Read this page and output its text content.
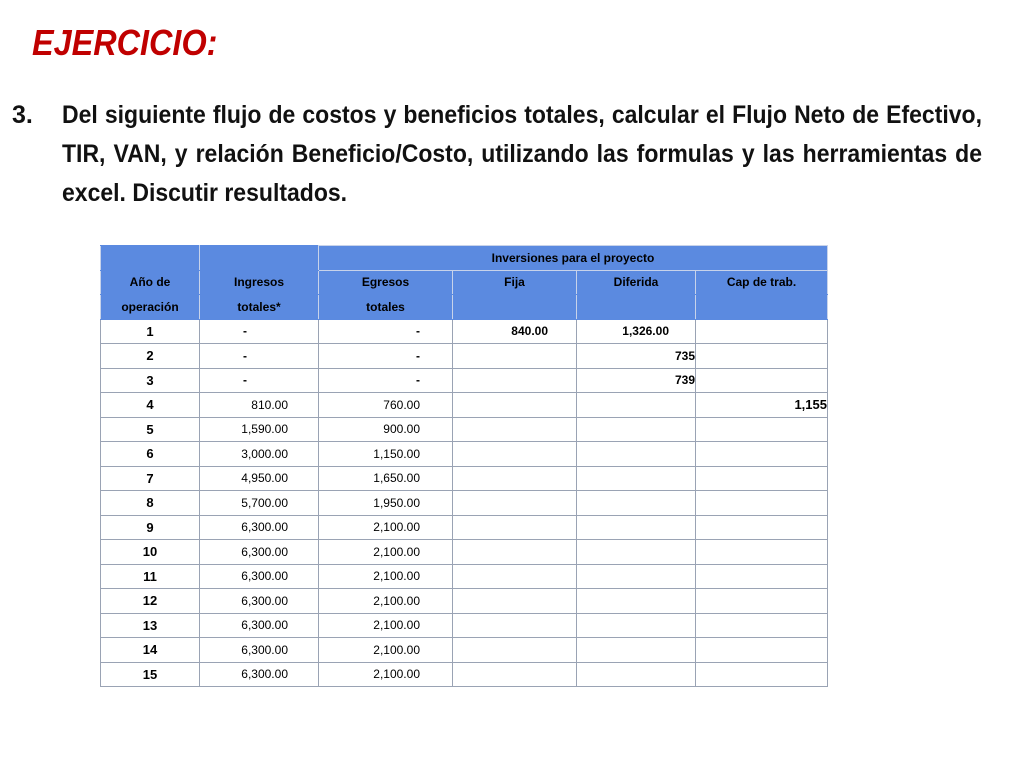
EJERCICIO:
3. Del siguiente flujo de costos y beneficios totales, calcular el Flujo Neto de Efectivo, TIR, VAN, y relación Beneficio/Costo, utilizando las formulas y las herramientas de excel. Discutir resultados.
		Inversiones para el proyecto			
Año de	Ingresos	Egresos	Fija	Diferida	Cap de trab.
operación	totales*	totales			
1	-	-	840.00	1,326.00	
2	-	-		735	
3	-	-		739	
4	810.00	760.00			1,155
5	1,590.00	900.00			
6	3,000.00	1,150.00			
7	4,950.00	1,650.00			
8	5,700.00	1,950.00			
9	6,300.00	2,100.00			
10	6,300.00	2,100.00			
11	6,300.00	2,100.00			
12	6,300.00	2,100.00			
13	6,300.00	2,100.00			
14	6,300.00	2,100.00			
15	6,300.00	2,100.00			
